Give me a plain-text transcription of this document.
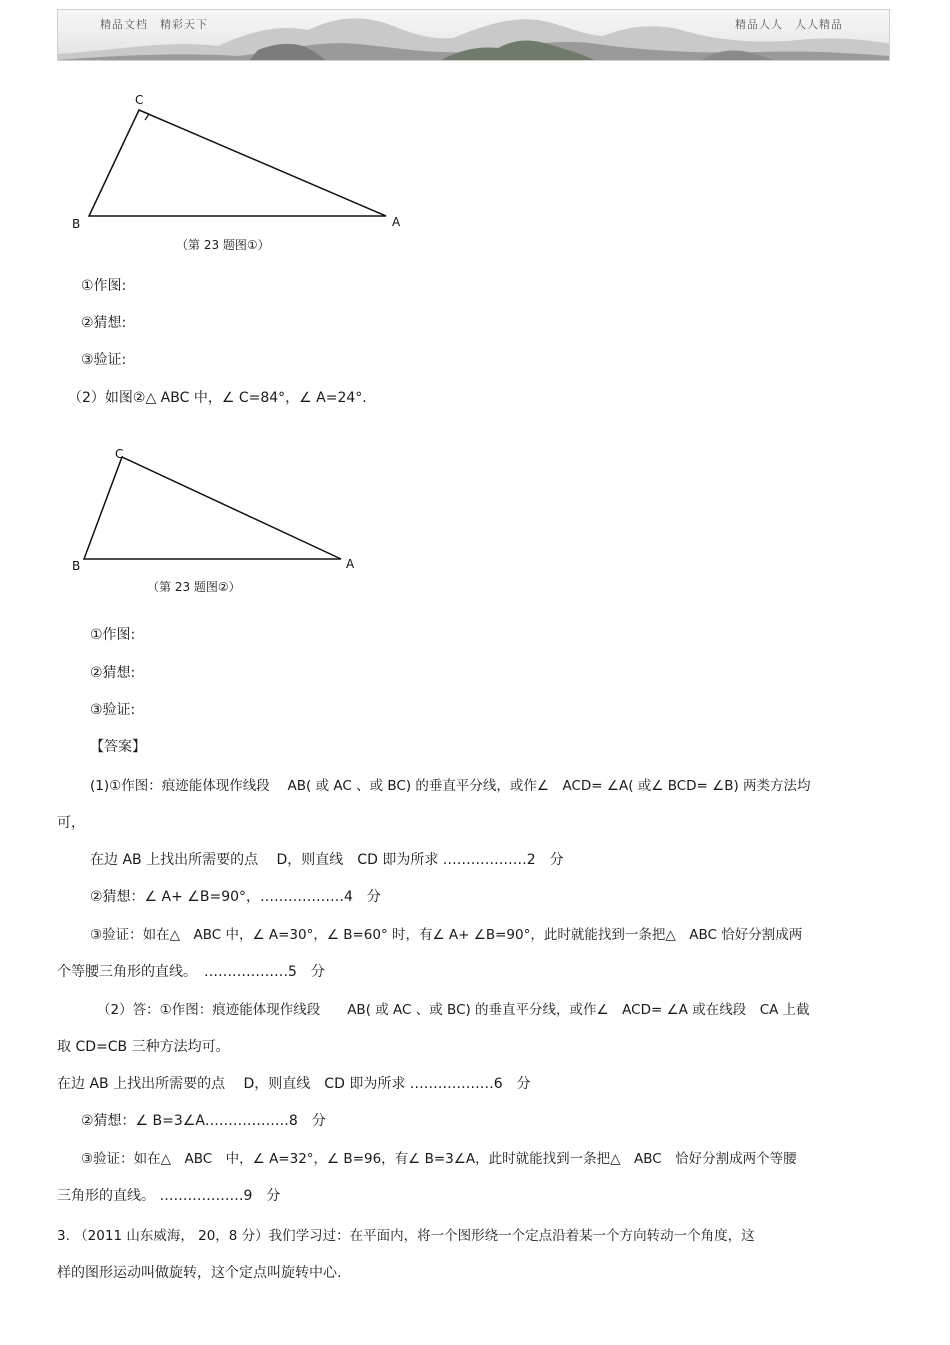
精品文档　精彩天下	精品人人　人人精品
C
B	A
（第 23 题图①）
①作图:
②猜想:
③验证:
（2）如图②△ ABC 中，∠ C=84°，∠ A=24°．
C
B	A
（第 23 题图②）
①作图:
②猜想:
③验证:
【答案】
(1)①作图：痕迹能体现作线段　 AB( 或 AC 、或 BC) 的垂直平分线，或作∠　ACD= ∠A( 或∠ BCD= ∠B) 两类方法均
可，
在边 AB 上找出所需要的点　 D，则直线　CD 即为所求 ………………2　分
②猜想：∠ A+ ∠B=90°，………………4　分
③验证：如在△　ABC 中，∠ A=30°，∠ B=60° 时，有∠ A+ ∠B=90°，此时就能找到一条把△　ABC 恰好分割成两
个等腰三角形的直线。　………………5　分
（2）答：①作图：痕迹能体现作线段　　AB( 或 AC 、或 BC) 的垂直平分线，或作∠　ACD= ∠A 或在线段　CA 上截
取 CD=CB 三种方法均可。
在边 AB 上找出所需要的点　 D，则直线　CD 即为所求 ………………6　分
②猜想：∠ B=3∠A………………8　分
③验证：如在△　ABC　中，∠ A=32°，∠ B=96，有∠ B=3∠A，此时就能找到一条把△　ABC　恰好分割成两个等腰
三角形的直线。 ………………9　分
3. （2011 山东威海， 20，8 分）我们学习过：在平面内，将一个图形绕一个定点沿着某一个方向转动一个角度，这
样的图形运动叫做旋转，这个定点叫旋转中心.
